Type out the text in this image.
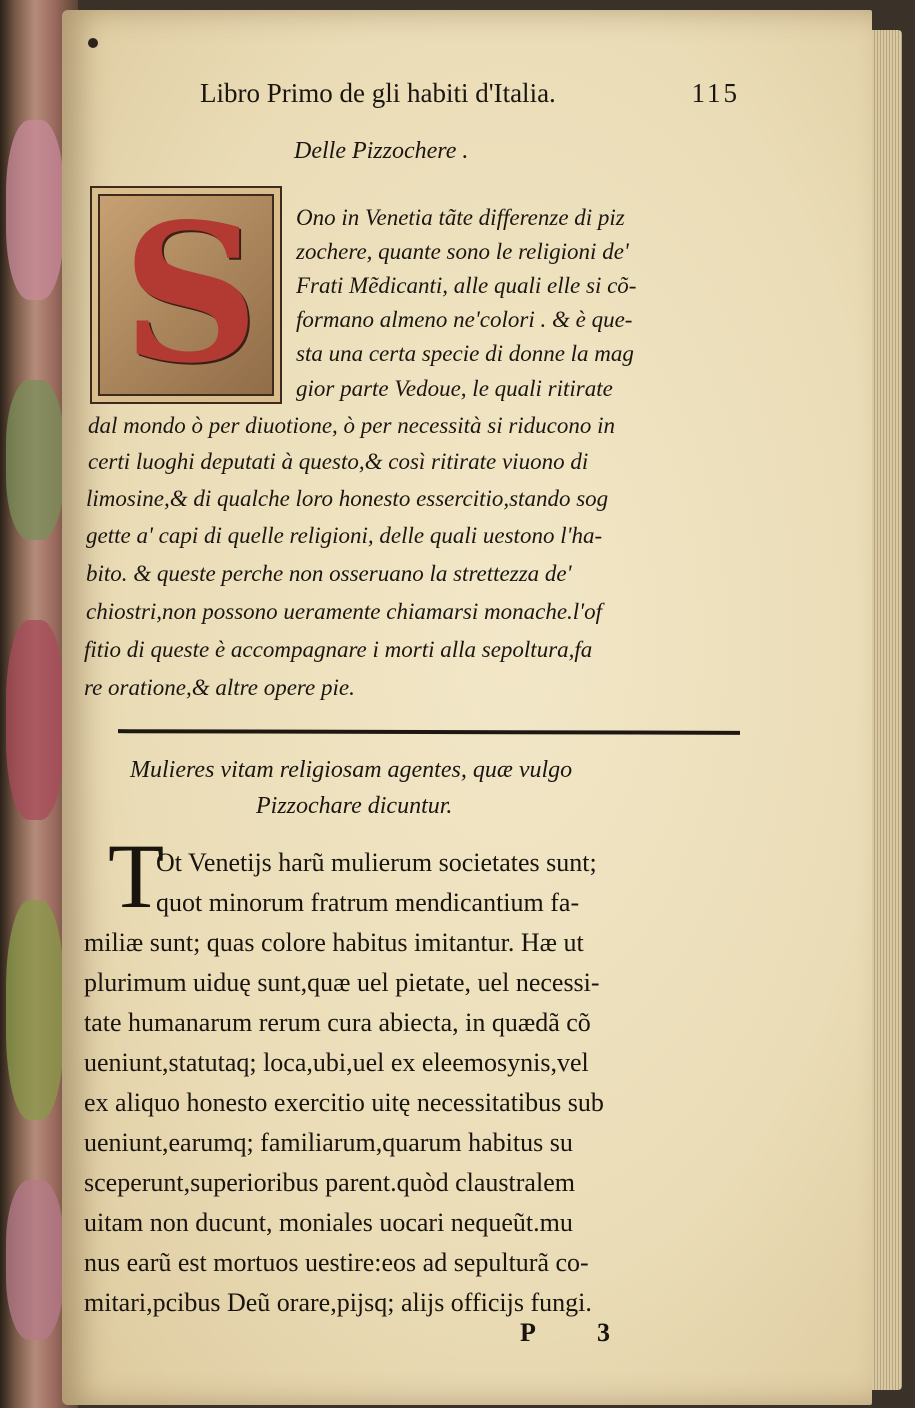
Libro Primo de gli habiti d'Italia.	115
Delle Pizzochere .
S Ono in Venetia tãte differenze di piz
zochere, quante sono le religioni de'
Frati Mẽdicanti, alle quali elle si cõ-
formano almeno ne'colori . & è que-
sta una certa specie di donne la mag
gior parte Vedoue, le quali ritirate
dal mondo ò per diuotione, ò per necessità si riducono in
certi luoghi deputati à questo,& così ritirate viuono di
limosine,& di qualche loro honesto essercitio,stando sog
gette a' capi di quelle religioni, delle quali uestono l'ha-
bito. & queste perche non osseruano la strettezza de'
chiostri,non possono ueramente chiamarsi monache.l'of
fitio di queste è accompagnare i morti alla sepoltura,fa
re oratione,& altre opere pie.
Mulieres vitam religiosam agentes, quæ vulgo
Pizzochare dicuntur.
T
Ot Venetijs harũ mulierum societates sunt;
quot minorum fratrum mendicantium fa-
miliæ sunt; quas colore habitus imitantur. Hæ ut
plurimum uiduę sunt,quæ uel pietate, uel necessi-
tate humanarum rerum cura abiecta, in quædã cõ
ueniunt,statutaq; loca,ubi,uel ex eleemosynis,vel
ex aliquo honesto exercitio uitę necessitatibus sub
ueniunt,earumq; familiarum,quarum habitus su
sceperunt,superioribus parent.quòd claustralem
uitam non ducunt, moniales uocari nequeũt.mu
nus earũ est mortuos uestire:eos ad sepulturã co-
mitari,pcibus Deũ orare,pijsq; alijs officijs fungi.
P 3
